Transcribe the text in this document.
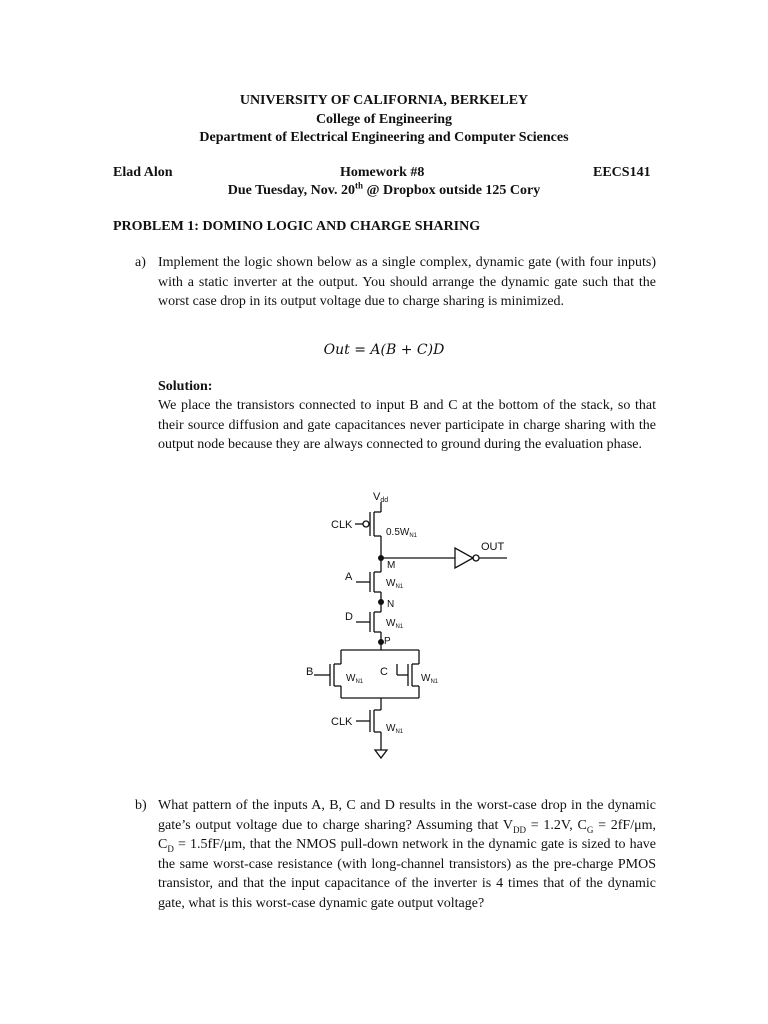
UNIVERSITY OF CALIFORNIA, BERKELEY
College of Engineering
Department of Electrical Engineering and Computer Sciences
Elad Alon	Homework #8	EECS141
Due Tuesday, Nov. 20th @ Dropbox outside 125 Cory
PROBLEM 1: DOMINO LOGIC AND CHARGE SHARING
a) Implement the logic shown below as a single complex, dynamic gate (with four inputs) with a static inverter at the output. You should arrange the dynamic gate such that the worst case drop in its output voltage due to charge sharing is minimized.
Out = A(B + C)D
Solution:
We place the transistors connected to input B and C at the bottom of the stack, so that their source diffusion and gate capacitances never participate in charge sharing with the output node because they are always connected to ground during the evaluation phase.
Vdd
CLK
$0.5W_{N1}$
OUT
M
A
$W_{N1}$
N
D
$W_{N1}$
P
B
$W_{N1}$
C
$W_{N1}$
CLK
$W_{N1}$
b) What pattern of the inputs A, B, C and D results in the worst-case drop in the dynamic gate’s output voltage due to charge sharing? Assuming that $V_{DD} = 1.2V$, $C_G = 2fF/\mu m$, $C_D = 1.5fF/\mu m$, that the NMOS pull-down network in the dynamic gate is sized to have the same worst-case resistance (with long-channel transistors) as the pre-charge PMOS transistor, and that the input capacitance of the inverter is 4 times that of the dynamic gate, what is this worst-case dynamic gate output voltage?
